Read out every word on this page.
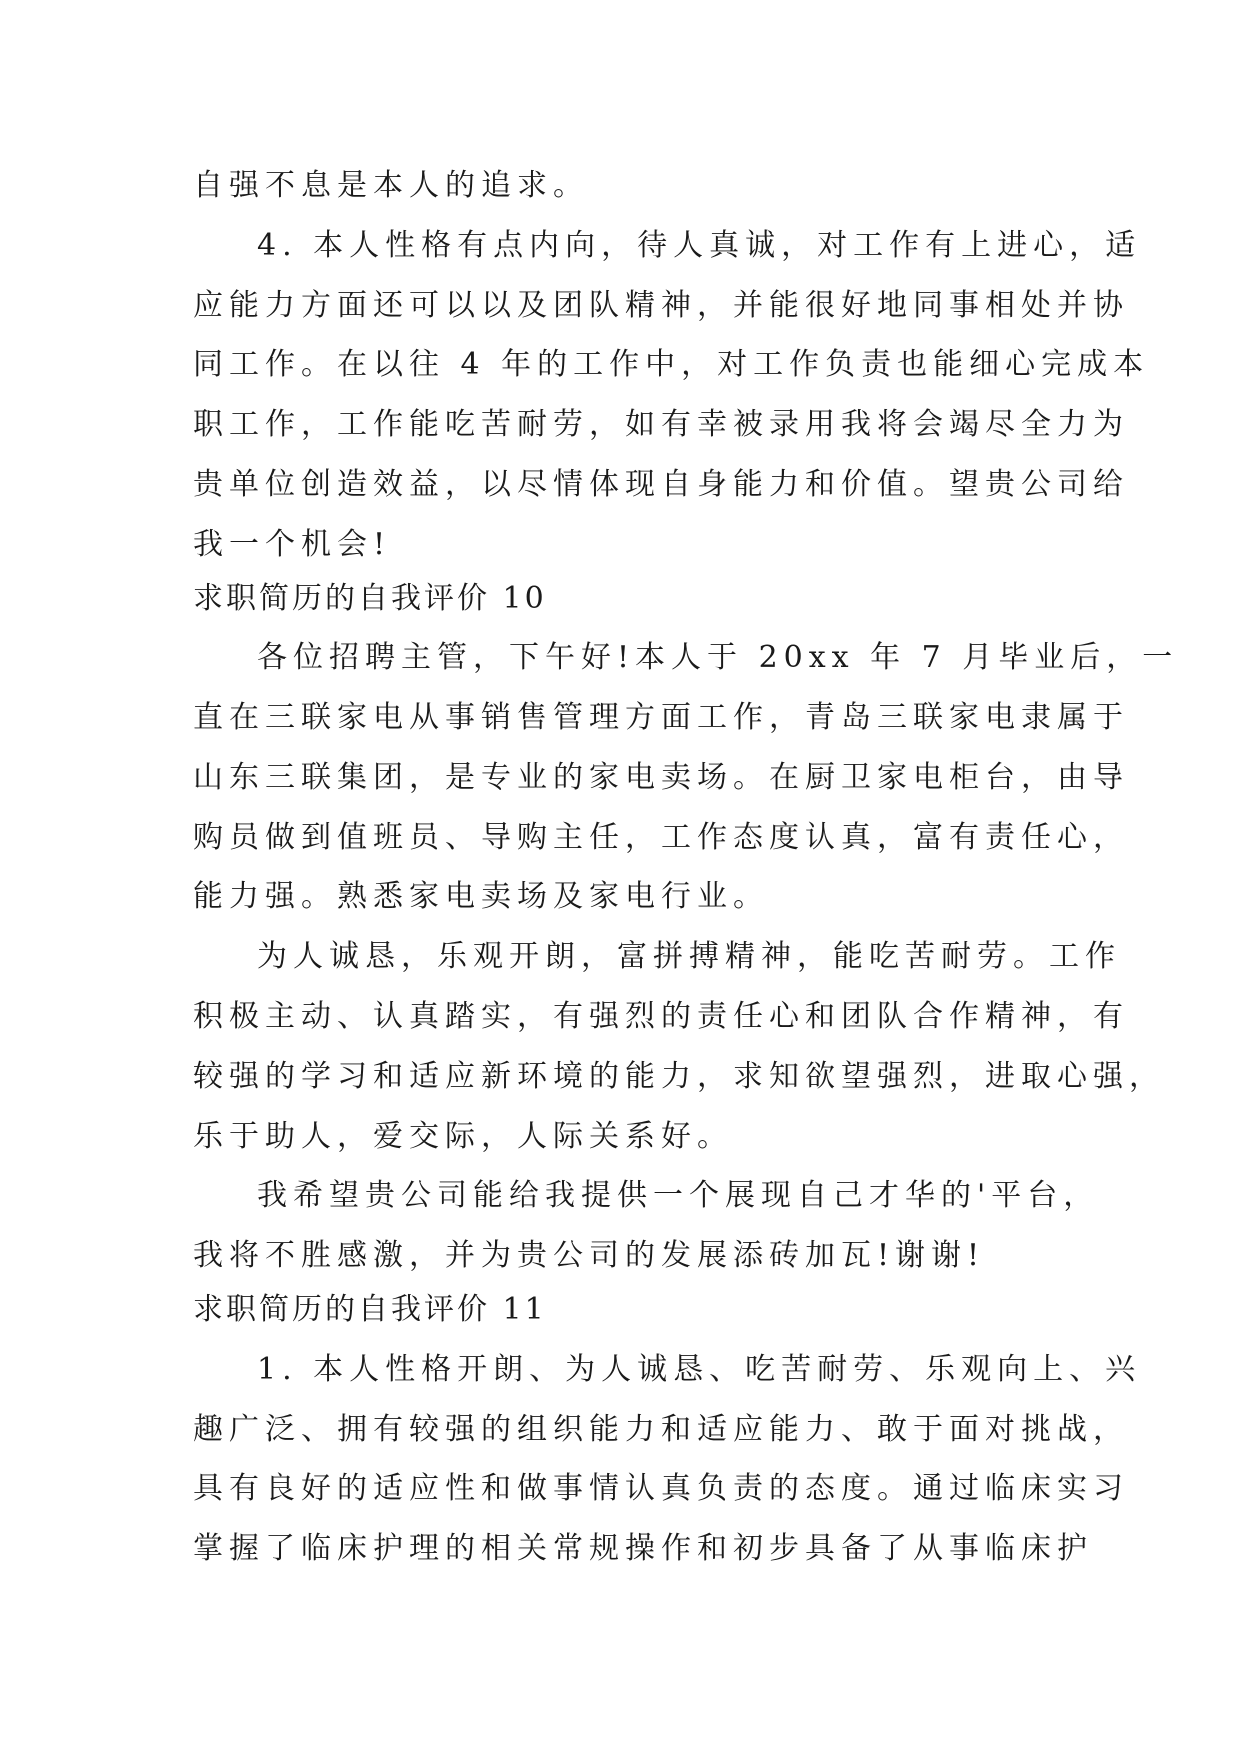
自强不息是本人的追求。
4. 本人性格有点内向，待人真诚，对工作有上进心，适
应能力方面还可以以及团队精神，并能很好地同事相处并协
同工作。在以往 4 年的工作中，对工作负责也能细心完成本
职工作，工作能吃苦耐劳，如有幸被录用我将会竭尽全力为
贵单位创造效益，以尽情体现自身能力和价值。望贵公司给
我一个机会!
求职简历的自我评价 10
各位招聘主管，下午好!本人于 20xx 年 7 月毕业后，一
直在三联家电从事销售管理方面工作，青岛三联家电隶属于
山东三联集团，是专业的家电卖场。在厨卫家电柜台，由导
购员做到值班员、导购主任，工作态度认真，富有责任心，
能力强。熟悉家电卖场及家电行业。
为人诚恳，乐观开朗，富拼搏精神，能吃苦耐劳。工作
积极主动、认真踏实，有强烈的责任心和团队合作精神，有
较强的学习和适应新环境的能力，求知欲望强烈，进取心强，
乐于助人，爱交际，人际关系好。
我希望贵公司能给我提供一个展现自己才华的'平台，
我将不胜感激，并为贵公司的发展添砖加瓦!谢谢!
求职简历的自我评价 11
1. 本人性格开朗、为人诚恳、吃苦耐劳、乐观向上、兴
趣广泛、拥有较强的组织能力和适应能力、敢于面对挑战，
具有良好的适应性和做事情认真负责的态度。通过临床实习
掌握了临床护理的相关常规操作和初步具备了从事临床护
